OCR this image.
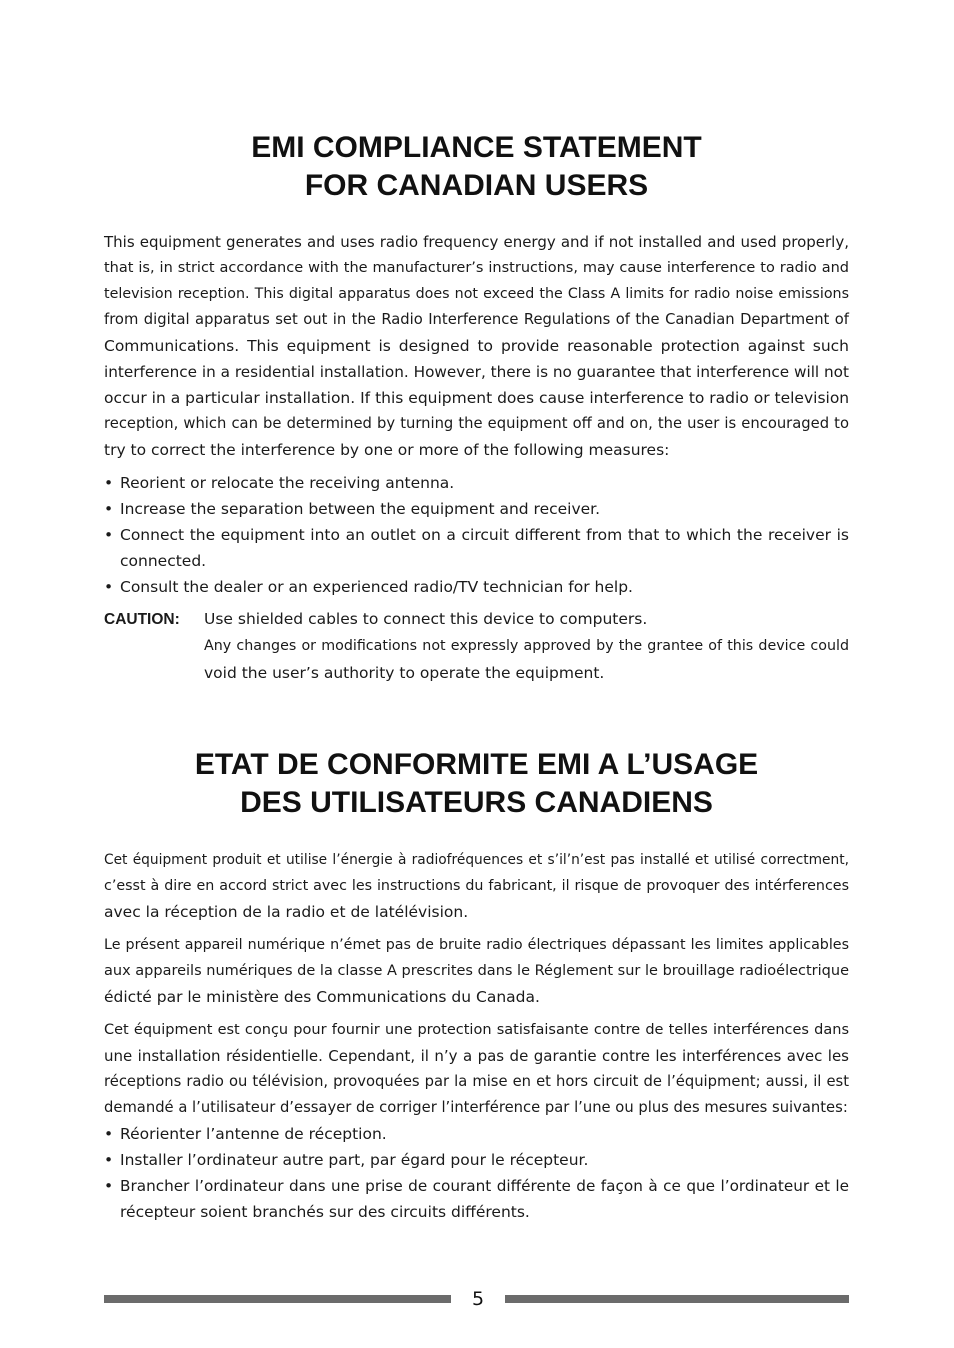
EMI COMPLIANCE STATEMENT
FOR CANADIAN USERS
This equipment generates and uses radio frequency energy and if not installed and used properly,
that is, in strict accordance with the manufacturer’s instructions, may cause interference to radio and
television reception. This digital apparatus does not exceed the Class A limits for radio noise emissions
from digital apparatus set out in the Radio Interference Regulations of the Canadian Department of
Communications. This equipment is designed to provide reasonable protection against such
interference in a residential installation. However, there is no guarantee that interference will not
occur in a particular installation. If this equipment does cause interference to radio or television
reception, which can be determined by turning the equipment off and on, the user is encouraged to
try to correct the interference by one or more of the following measures:
• Reorient or relocate the receiving antenna.
• Increase the separation between the equipment and receiver.
• Connect the equipment into an outlet on a circuit different from that to which the receiver is
connected.
• Consult the dealer or an experienced radio/TV technician for help.
CAUTION: Use shielded cables to connect this device to computers.
Any changes or modifications not expressly approved by the grantee of this device could
void the user’s authority to operate the equipment.
ETAT DE CONFORMITE EMI A L’USAGE
DES UTILISATEURS CANADIENS
Cet équipment produit et utilise l’énergie à radiofréquences et s’il’n’est pas installé et utilisé correctment,
c’esst à dire en accord strict avec les instructions du fabricant, il risque de provoquer des intérferences
avec la réception de la radio et de latélévision.
Le présent appareil numérique n’émet pas de bruite radio électriques dépassant les limites applicables
aux appareils numériques de la classe A prescrites dans le Réglement sur le brouillage radioélectrique
édicté par le ministère des Communications du Canada.
Cet équipment est conçu pour fournir une protection satisfaisante contre de telles interférences dans
une installation résidentielle. Cependant, il n’y a pas de garantie contre les interférences avec les
réceptions radio ou télévision, provoquées par la mise en et hors circuit de l’équipment; aussi, il est
demandé a l’utilisateur d’essayer de corriger l’interférence par l’une ou plus des mesures suivantes:
• Réorienter l’antenne de réception.
• Installer l’ordinateur autre part, par égard pour le récepteur.
• Brancher l’ordinateur dans une prise de courant différente de façon à ce que l’ordinateur et le
récepteur soient branchés sur des circuits différents.
5
